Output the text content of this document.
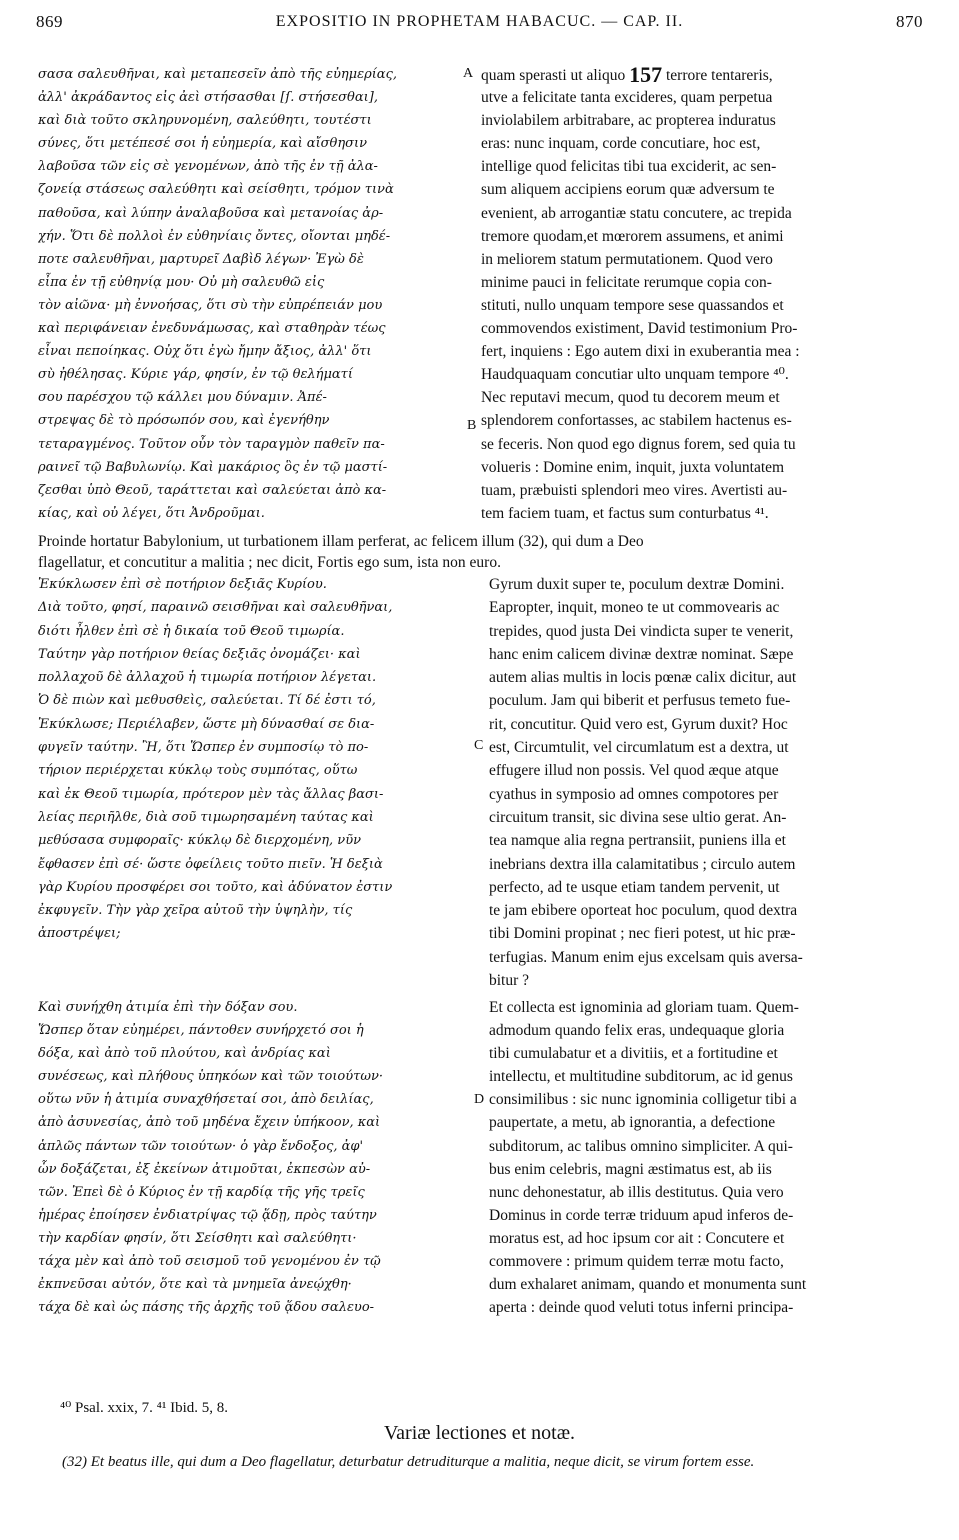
869	EXPOSITIO IN PROPHETAM HABACUC. — CAP. II.	870
σασα σαλευθῆναι, καὶ μεταπεσεῖν ἀπὸ τῆς εὐημερίας,
ἀλλ' ἀκράδαντος εἰς ἀεὶ στήσασθαι [ſ. στήσεσθαι],
καὶ διὰ τοῦτο σκληρυνομένη, σαλεύθητι, τουτέστι
σύνες, ὅτι μετέπεσέ σοι ἡ εὐημερία, καὶ αἴσθησιν
λαβοῦσα τῶν εἰς σὲ γενομένων, ἀπὸ τῆς ἐν τῇ ἀλα-
ζονείᾳ στάσεως σαλεύθητι καὶ σείσθητι, τρόμον τινὰ
παθοῦσα, καὶ λύπην ἀναλαβοῦσα καὶ μετανοίας ἀρ-
χήν. Ὅτι δὲ πολλοὶ ἐν εὐθηνίαις ὄντες, οἴονται μηδέ-
ποτε σαλευθῆναι, μαρτυρεῖ Δαβὶδ λέγων· Ἐγὼ δὲ
εἶπα ἐν τῇ εὐθηνίᾳ μου· Οὐ μὴ σαλευθῶ εἰς
τὸν αἰῶνα· μὴ ἐννοήσας, ὅτι σὺ τὴν εὐπρέπειάν μου
καὶ περιφάνειαν ἐνεδυνάμωσας, καὶ σταθηρὰν τέως
εἶναι πεποίηκας. Οὐχ ὅτι ἐγὼ ἤμην ἄξιος, ἀλλ' ὅτι
σὺ ἠθέλησας. Κύριε γάρ, φησίν, ἐν τῷ θελήματί
σου παρέσχου τῷ κάλλει μου δύναμιν. Ἀπέ-
στρεψας δὲ τὸ πρόσωπόν σου, καὶ ἐγενήθην
τεταραγμένος. Τοῦτον οὖν τὸν ταραγμὸν παθεῖν πα-
ραινεῖ τῷ Βαβυλωνίῳ. Καὶ μακάριος ὃς ἐν τῷ μαστί-
ζεσθαι ὑπὸ Θεοῦ, ταράττεται καὶ σαλεύεται ἀπὸ κα-
κίας, καὶ οὐ λέγει, ὅτι Ἀνδροῦμαι.
quam sperasti ut aliquo 157 terrore tentareris,
utve a felicitate tanta excideres, quam perpetua
inviolabilem arbitrabare, ac propterea induratus
eras: nunc inquam, corde concutiare, hoc est,
intellige quod felicitas tibi tua exciderit, ac sen-
sum aliquem accipiens eorum quæ adversum te
evenient, ab arrogantiæ statu concutere, ac trepida
tremore quodam,et mœrorem assumens, et animi
in meliorem statum permutationem. Quod vero
minime pauci in felicitate rerumque copia con-
stituti, nullo unquam tempore sese quassandos et
commovendos existiment, David testimonium Pro-
fert, inquiens : Ego autem dixi in exuberantia mea :
Haudquaquam concutiar ulto unquam tempore ⁴⁰.
Nec reputavi mecum, quod tu decorem meum et
splendorem confortasses, ac stabilem hactenus es-
se feceris. Non quod ego dignus forem, sed quia tu
volueris : Domine enim, inquit, juxta voluntatem
tuam, præbuisti splendori meo vires. Avertisti au-
tem faciem tuam, et factus sum conturbatus ⁴¹.
Proinde hortatur Babylonium, ut turbationem illam perferat, ac felicem illum (32), qui dum a Deo
flagellatur, et concutitur a malitia ; nec dicit, Fortis ego sum, ista non euro.
Ἐκύκλωσεν ἐπὶ σὲ ποτήριον δεξιᾶς Κυρίου.
Διὰ τοῦτο, φησί, παραινῶ σεισθῆναι καὶ σαλευθῆναι,
διότι ἦλθεν ἐπὶ σὲ ἡ δικαία τοῦ Θεοῦ τιμωρία.
Ταύτην γὰρ ποτήριον θείας δεξιᾶς ὀνομάζει· καὶ
πολλαχοῦ δὲ ἀλλαχοῦ ἡ τιμωρία ποτήριον λέγεται.
Ὁ δὲ πιὼν καὶ μεθυσθεὶς, σαλεύεται. Τί δέ ἐστι τό,
Ἐκύκλωσε; Περιέλαβεν, ὥστε μὴ δύνασθαί σε δια-
φυγεῖν ταύτην. Ἢ, ὅτι Ὥσπερ ἐν συμποσίῳ τὸ πο-
τήριον περιέρχεται κύκλῳ τοὺς συμπότας, οὕτω
καὶ ἐκ Θεοῦ τιμωρία, πρότερον μὲν τὰς ἄλλας βασι-
λείας περιῆλθε, διὰ σοῦ τιμωρησαμένη ταύτας καὶ
μεθύσασα συμφοραῖς· κύκλῳ δὲ διερχομένη, νῦν
ἔφθασεν ἐπὶ σέ· ὥστε ὀφείλεις τοῦτο πιεῖν. Ἡ δεξιὰ
γὰρ Κυρίου προσφέρει σοι τοῦτο, καὶ ἀδύνατον ἐστιν
ἐκφυγεῖν. Τὴν γὰρ χεῖρα αὐτοῦ τὴν ὑψηλὴν, τίς
ἀποστρέψει;
Gyrum duxit super te, poculum dextræ Domini.
Eapropter, inquit, moneo te ut commovearis ac
trepides, quod justa Dei vindicta super te venerit,
hanc enim calicem divinæ dextræ nominat. Sæpe
autem alias multis in locis pœnæ calix dicitur, aut
poculum. Jam qui biberit et perfusus temeto fue-
rit, concutitur. Quid vero est, Gyrum duxit? Hoc
est, Circumtulit, vel circumlatum est a dextra, ut
effugere illud non possis. Vel quod æque atque
cyathus in symposio ad omnes compotores per
circuitum transit, sic divina sese ultio gerat. An-
tea namque alia regna pertransiit, puniens illa et
inebrians dextra illa calamitatibus ; circulo autem
perfecto, ad te usque etiam tandem pervenit, ut
te jam ebibere oporteat hoc poculum, quod dextra
tibi Domini propinat ; nec fieri potest, ut hic præ-
terfugias. Manum enim ejus excelsam quis aversa-
bitur ?
Καὶ συνήχθη ἀτιμία ἐπὶ τὴν δόξαν σου.
Ὥσπερ ὅταν εὐημέρει, πάντοθεν συνήρχετό σοι ἡ
δόξα, καὶ ἀπὸ τοῦ πλούτου, καὶ ἀνδρίας καὶ
συνέσεως, καὶ πλήθους ὑπηκόων καὶ τῶν τοιούτων·
οὕτω νῦν ἡ ἀτιμία συναχθήσεταί σοι, ἀπὸ δειλίας,
ἀπὸ ἀσυνεσίας, ἀπὸ τοῦ μηδένα ἔχειν ὑπήκοον, καὶ
ἁπλῶς πάντων τῶν τοιούτων· ὁ γὰρ ἔνδοξος, ἀφ'
ὧν δοξάζεται, ἐξ ἐκείνων ἀτιμοῦται, ἐκπεσὼν αὐ-
τῶν. Ἐπεὶ δὲ ὁ Κύριος ἐν τῇ καρδίᾳ τῆς γῆς τρεῖς
ἡμέρας ἐποίησεν ἐνδιατρίψας τῷ ᾅδῃ, πρὸς ταύτην
τὴν καρδίαν φησίν, ὅτι Σείσθητι καὶ σαλεύθητι·
τάχα μὲν καὶ ἀπὸ τοῦ σεισμοῦ τοῦ γενομένου ἐν τῷ
ἐκπνεῦσαι αὐτόν, ὅτε καὶ τὰ μνημεῖα ἀνεῴχθη·
τάχα δὲ καὶ ὡς πάσης τῆς ἀρχῆς τοῦ ᾅδου σαλευο-
Et collecta est ignominia ad gloriam tuam. Quem-
admodum quando felix eras, undequaque gloria
tibi cumulabatur et a divitiis, et a fortitudine et
intellectu, et multitudine subditorum, ac id genus
consimilibus : sic nunc ignominia colligetur tibi a
paupertate, a metu, ab ignorantia, a defectione
subditorum, ac talibus omnino simpliciter. A qui-
bus enim celebris, magni æstimatus est, ab iis
nunc dehonestatur, ab illis destitutus. Quia vero
Dominus in corde terræ triduum apud inferos de-
moratus est, ad hoc ipsum cor ait : Concutere et
commovere : primum quidem terræ motu facto,
dum exhalaret animam, quando et monumenta sunt
aperta : deinde quod veluti totus inferni principa-
A
B
C
D
⁴⁰ Psal. xxix, 7. ⁴¹ Ibid. 5, 8.
Variæ lectiones et notæ.
(32) Et beatus ille, qui dum a Deo flagellatur, deturbatur detruditurque a malitia, neque dicit, se virum fortem esse.
